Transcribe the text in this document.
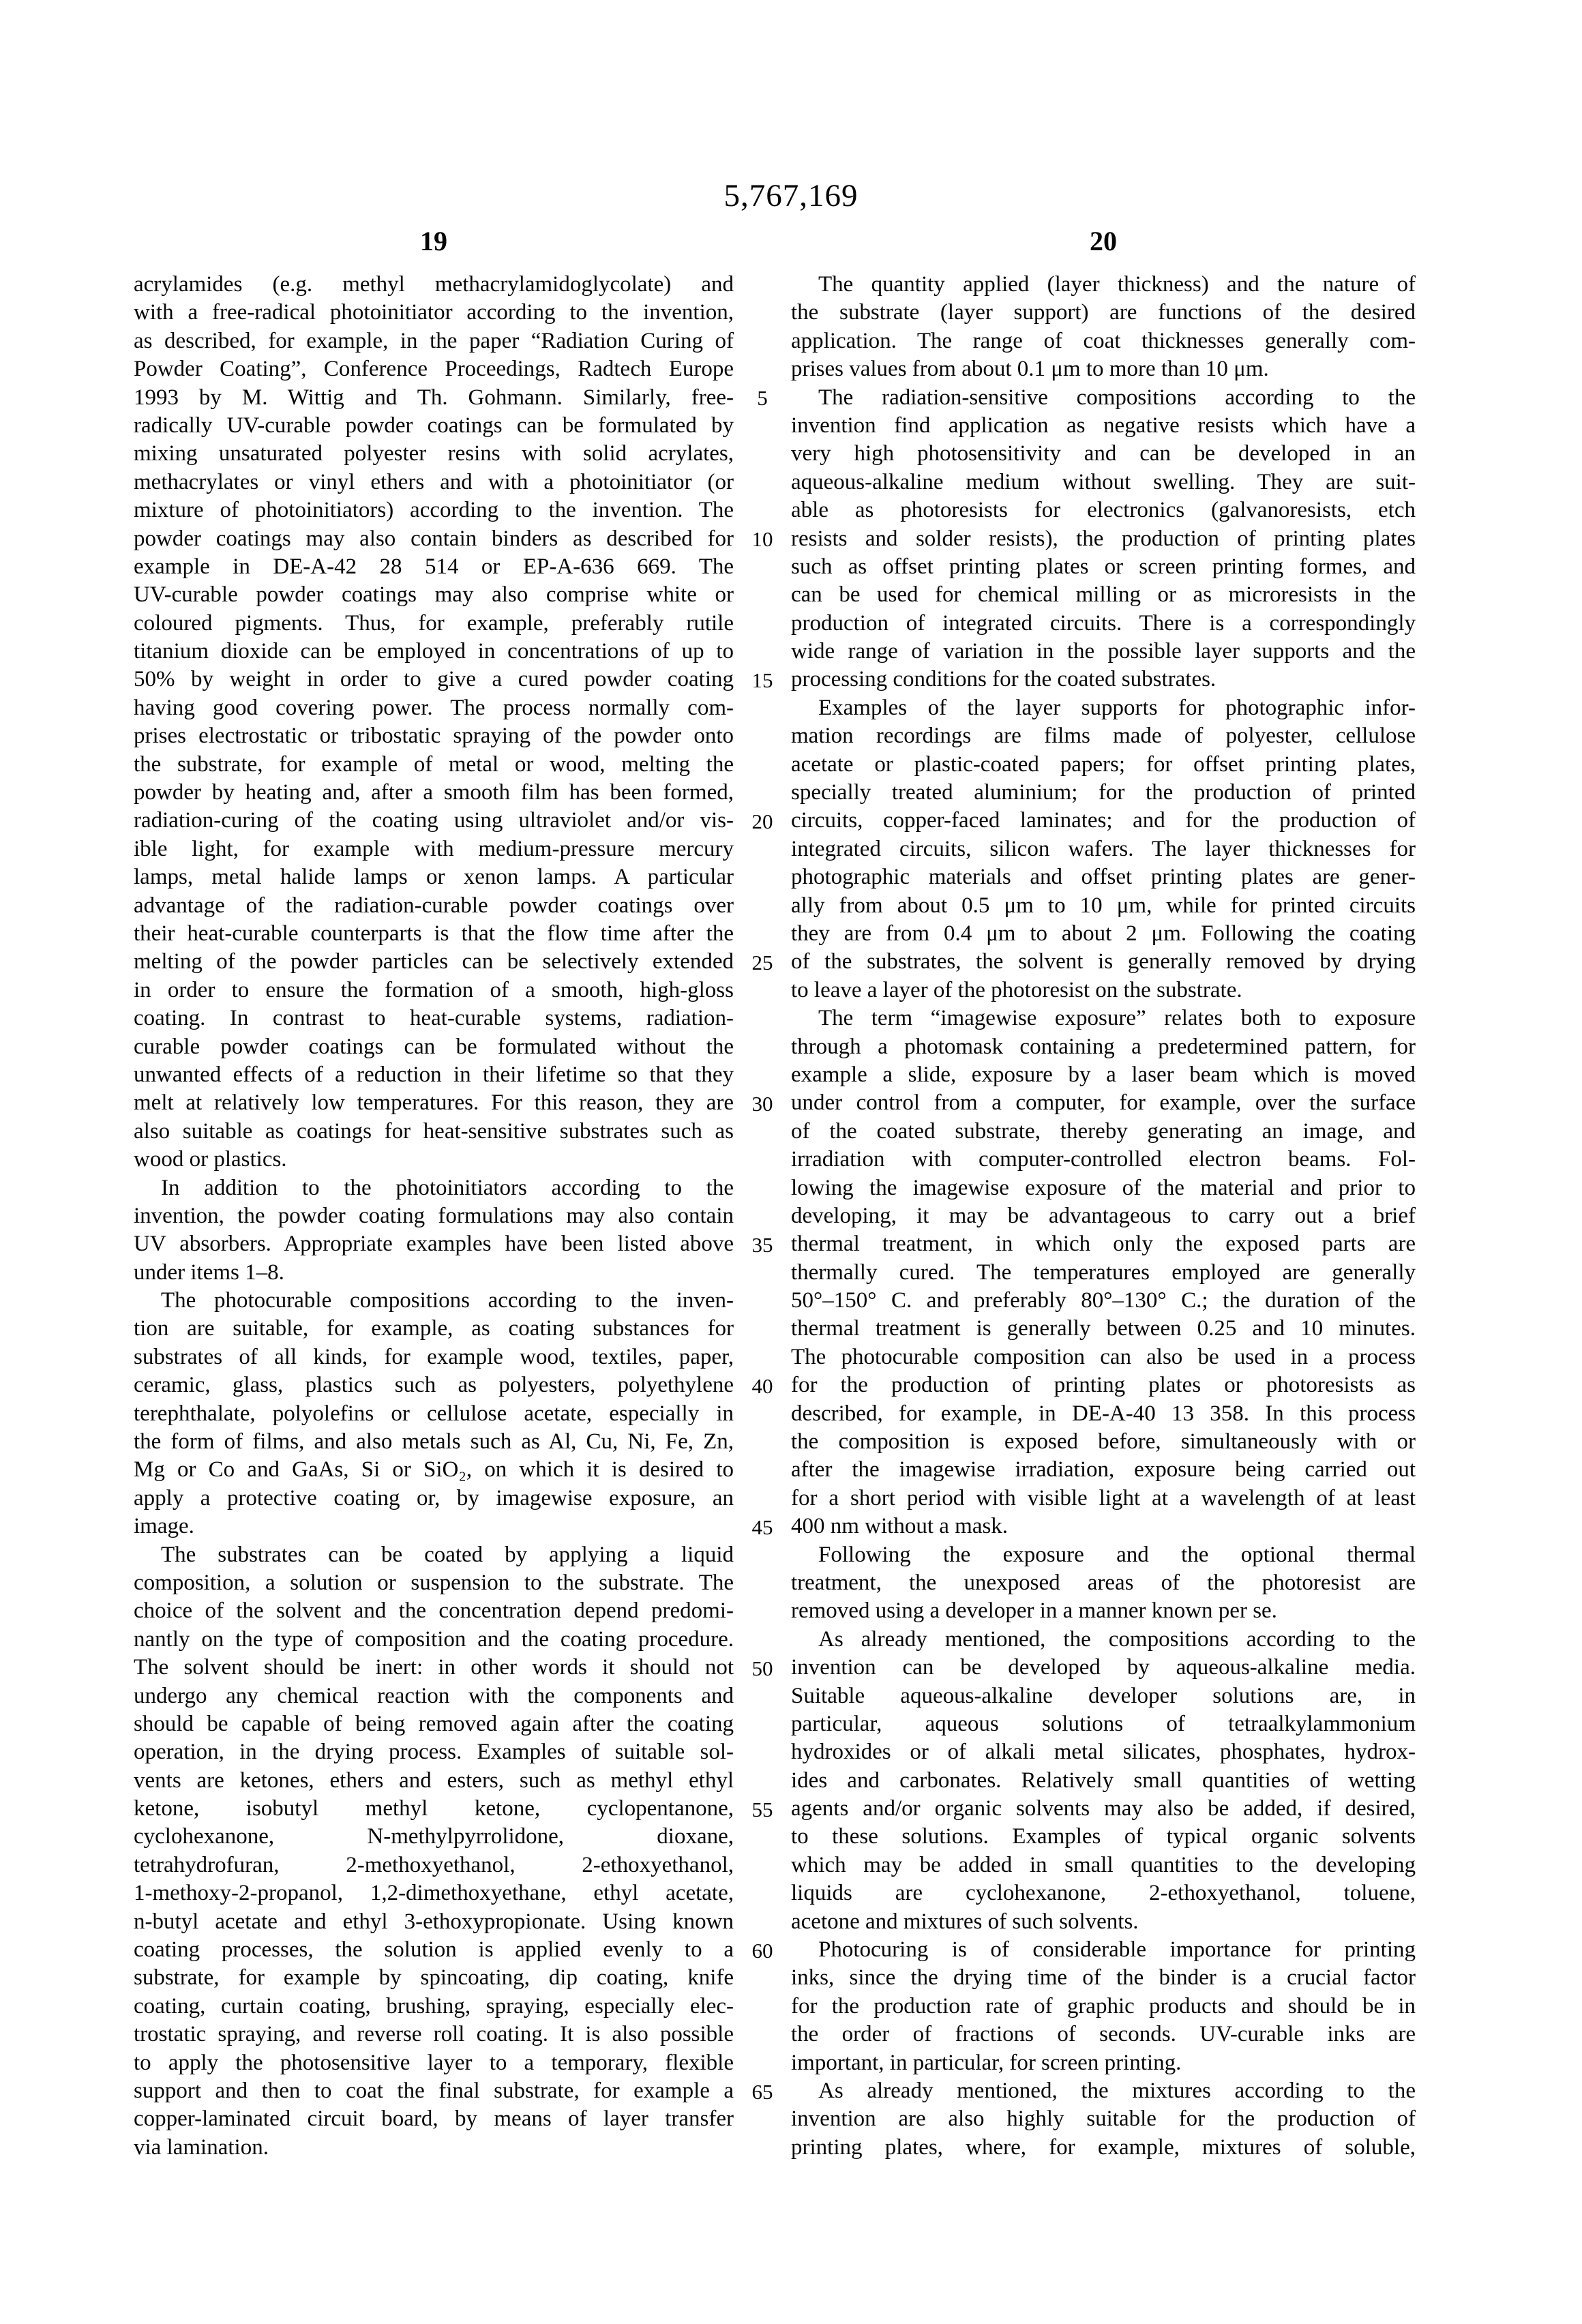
5,767,169
19	20
acrylamides (e.g. methyl methacrylamidoglycolate) and
with a free-radical photoinitiator according to the invention,
as described, for example, in the paper “Radiation Curing of
Powder Coating”, Conference Proceedings, Radtech Europe
1993 by M. Wittig and Th. Gohmann. Similarly, free-
radically UV-curable powder coatings can be formulated by
mixing unsaturated polyester resins with solid acrylates,
methacrylates or vinyl ethers and with a photoinitiator (or
mixture of photoinitiators) according to the invention. The
powder coatings may also contain binders as described for
example in DE-A-42 28 514 or EP-A-636 669. The
UV-curable powder coatings may also comprise white or
coloured pigments. Thus, for example, preferably rutile
titanium dioxide can be employed in concentrations of up to
50% by weight in order to give a cured powder coating
having good covering power. The process normally com-
prises electrostatic or tribostatic spraying of the powder onto
the substrate, for example of metal or wood, melting the
powder by heating and, after a smooth film has been formed,
radiation-curing of the coating using ultraviolet and/or vis-
ible light, for example with medium-pressure mercury
lamps, metal halide lamps or xenon lamps. A particular
advantage of the radiation-curable powder coatings over
their heat-curable counterparts is that the flow time after the
melting of the powder particles can be selectively extended
in order to ensure the formation of a smooth, high-gloss
coating. In contrast to heat-curable systems, radiation-
curable powder coatings can be formulated without the
unwanted effects of a reduction in their lifetime so that they
melt at relatively low temperatures. For this reason, they are
also suitable as coatings for heat-sensitive substrates such as
wood or plastics.
In addition to the photoinitiators according to the
invention, the powder coating formulations may also contain
UV absorbers. Appropriate examples have been listed above
under items 1–8.
The photocurable compositions according to the inven-
tion are suitable, for example, as coating substances for
substrates of all kinds, for example wood, textiles, paper,
ceramic, glass, plastics such as polyesters, polyethylene
terephthalate, polyolefins or cellulose acetate, especially in
the form of films, and also metals such as Al, Cu, Ni, Fe, Zn,
Mg or Co and GaAs, Si or SiO₂, on which it is desired to
apply a protective coating or, by imagewise exposure, an
image.
The substrates can be coated by applying a liquid
composition, a solution or suspension to the substrate. The
choice of the solvent and the concentration depend predomi-
nantly on the type of composition and the coating procedure.
The solvent should be inert: in other words it should not
undergo any chemical reaction with the components and
should be capable of being removed again after the coating
operation, in the drying process. Examples of suitable sol-
vents are ketones, ethers and esters, such as methyl ethyl
ketone, isobutyl methyl ketone, cyclopentanone,
cyclohexanone, N-methylpyrrolidone, dioxane,
tetrahydrofuran, 2-methoxyethanol, 2-ethoxyethanol,
1-methoxy-2-propanol, 1,2-dimethoxyethane, ethyl acetate,
n-butyl acetate and ethyl 3-ethoxypropionate. Using known
coating processes, the solution is applied evenly to a
substrate, for example by spincoating, dip coating, knife
coating, curtain coating, brushing, spraying, especially elec-
trostatic spraying, and reverse roll coating. It is also possible
to apply the photosensitive layer to a temporary, flexible
support and then to coat the final substrate, for example a
copper-laminated circuit board, by means of layer transfer
via lamination.
5
10
15
20
25
30
35
40
45
50
55
60
65
The quantity applied (layer thickness) and the nature of
the substrate (layer support) are functions of the desired
application. The range of coat thicknesses generally com-
prises values from about 0.1 μm to more than 10 μm.
The radiation-sensitive compositions according to the
invention find application as negative resists which have a
very high photosensitivity and can be developed in an
aqueous-alkaline medium without swelling. They are suit-
able as photoresists for electronics (galvanoresists, etch
resists and solder resists), the production of printing plates
such as offset printing plates or screen printing formes, and
can be used for chemical milling or as microresists in the
production of integrated circuits. There is a correspondingly
wide range of variation in the possible layer supports and the
processing conditions for the coated substrates.
Examples of the layer supports for photographic infor-
mation recordings are films made of polyester, cellulose
acetate or plastic-coated papers; for offset printing plates,
specially treated aluminium; for the production of printed
circuits, copper-faced laminates; and for the production of
integrated circuits, silicon wafers. The layer thicknesses for
photographic materials and offset printing plates are gener-
ally from about 0.5 μm to 10 μm, while for printed circuits
they are from 0.4 μm to about 2 μm. Following the coating
of the substrates, the solvent is generally removed by drying
to leave a layer of the photoresist on the substrate.
The term “imagewise exposure” relates both to exposure
through a photomask containing a predetermined pattern, for
example a slide, exposure by a laser beam which is moved
under control from a computer, for example, over the surface
of the coated substrate, thereby generating an image, and
irradiation with computer-controlled electron beams. Fol-
lowing the imagewise exposure of the material and prior to
developing, it may be advantageous to carry out a brief
thermal treatment, in which only the exposed parts are
thermally cured. The temperatures employed are generally
50°–150° C. and preferably 80°–130° C.; the duration of the
thermal treatment is generally between 0.25 and 10 minutes.
The photocurable composition can also be used in a process
for the production of printing plates or photoresists as
described, for example, in DE-A-40 13 358. In this process
the composition is exposed before, simultaneously with or
after the imagewise irradiation, exposure being carried out
for a short period with visible light at a wavelength of at least
400 nm without a mask.
Following the exposure and the optional thermal
treatment, the unexposed areas of the photoresist are
removed using a developer in a manner known per se.
As already mentioned, the compositions according to the
invention can be developed by aqueous-alkaline media.
Suitable aqueous-alkaline developer solutions are, in
particular, aqueous solutions of tetraalkylammonium
hydroxides or of alkali metal silicates, phosphates, hydrox-
ides and carbonates. Relatively small quantities of wetting
agents and/or organic solvents may also be added, if desired,
to these solutions. Examples of typical organic solvents
which may be added in small quantities to the developing
liquids are cyclohexanone, 2-ethoxyethanol, toluene,
acetone and mixtures of such solvents.
Photocuring is of considerable importance for printing
inks, since the drying time of the binder is a crucial factor
for the production rate of graphic products and should be in
the order of fractions of seconds. UV-curable inks are
important, in particular, for screen printing.
As already mentioned, the mixtures according to the
invention are also highly suitable for the production of
printing plates, where, for example, mixtures of soluble,
